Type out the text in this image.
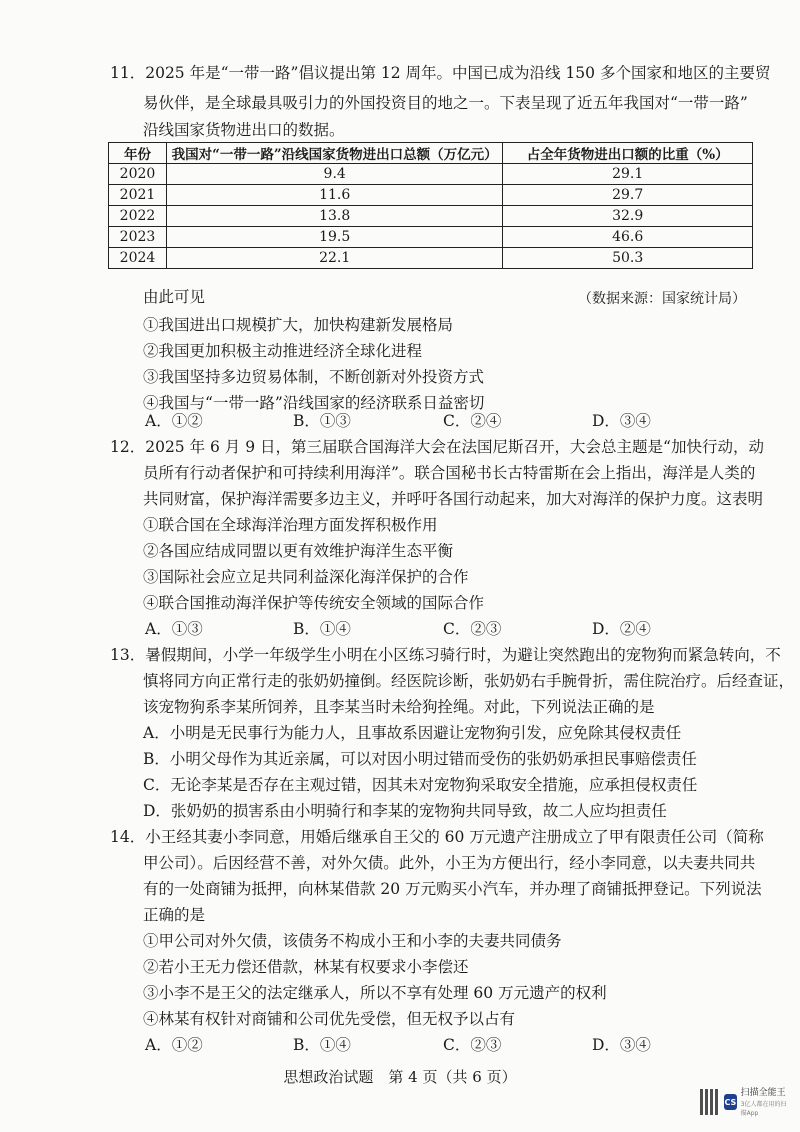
11．2025 年是“一带一路”倡议提出第 12 周年。中国已成为沿线 150 多个国家和地区的主要贸
易伙伴，是全球最具吸引力的外国投资目的地之一。下表呈现了近五年我国对“一带一路”
沿线国家货物进出口的数据。
年份	我国对“一带一路”沿线国家货物进出口总额（万亿元）	占全年货物进出口额的比重（%）
2020	9.4	29.1
2021	11.6	29.7
2022	13.8	32.9
2023	19.5	46.6
2024	22.1	50.3
由此可见	（数据来源：国家统计局）
①我国进出口规模扩大，加快构建新发展格局
②我国更加积极主动推进经济全球化进程
③我国坚持多边贸易体制，不断创新对外投资方式
④我国与“一带一路”沿线国家的经济联系日益密切
A．①②	B．①③	C．②④	D．③④
12．2025 年 6 月 9 日，第三届联合国海洋大会在法国尼斯召开，大会总主题是“加快行动，动
员所有行动者保护和可持续利用海洋”。联合国秘书长古特雷斯在会上指出，海洋是人类的
共同财富，保护海洋需要多边主义，并呼吁各国行动起来，加大对海洋的保护力度。这表明
①联合国在全球海洋治理方面发挥积极作用
②各国应结成同盟以更有效维护海洋生态平衡
③国际社会应立足共同利益深化海洋保护的合作
④联合国推动海洋保护等传统安全领域的国际合作
A．①③	B．①④	C．②③	D．②④
13．暑假期间，小学一年级学生小明在小区练习骑行时，为避让突然跑出的宠物狗而紧急转向，不
慎将同方向正常行走的张奶奶撞倒。经医院诊断，张奶奶右手腕骨折，需住院治疗。后经查证，
该宠物狗系李某所饲养，且李某当时未给狗拴绳。对此，下列说法正确的是
A．小明是无民事行为能力人，且事故系因避让宠物狗引发，应免除其侵权责任
B．小明父母作为其近亲属，可以对因小明过错而受伤的张奶奶承担民事赔偿责任
C．无论李某是否存在主观过错，因其未对宠物狗采取安全措施，应承担侵权责任
D．张奶奶的损害系由小明骑行和李某的宠物狗共同导致，故二人应均担责任
14．小王经其妻小李同意，用婚后继承自王父的 60 万元遗产注册成立了甲有限责任公司（简称
甲公司）。后因经营不善，对外欠债。此外，小王为方便出行，经小李同意，以夫妻共同共
有的一处商铺为抵押，向林某借款 20 万元购买小汽车，并办理了商铺抵押登记。下列说法
正确的是
①甲公司对外欠债，该债务不构成小王和小李的夫妻共同债务
②若小王无力偿还借款，林某有权要求小李偿还
③小李不是王父的法定继承人，所以不享有处理 60 万元遗产的权利
④林某有权针对商铺和公司优先受偿，但无权予以占有
A．①②	B．①④	C．②③	D．③④
思想政治试题　第 4 页（共 6 页）
CS
扫描全能王
3亿人都在用的扫描App
